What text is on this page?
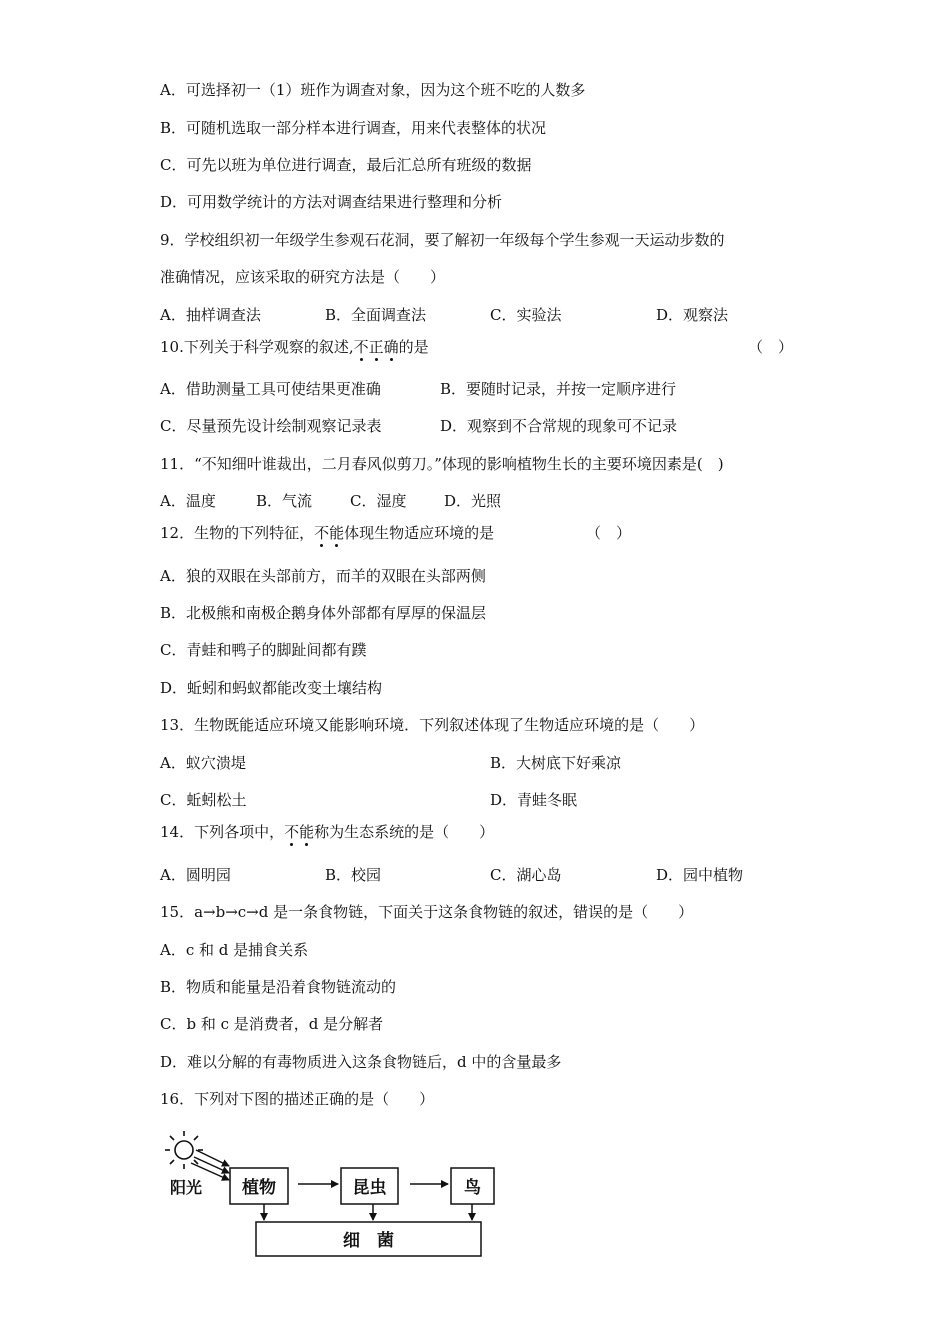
A．可选择初一（1）班作为调查对象，因为这个班不吃的人数多
B．可随机选取一部分样本进行调查，用来代表整体的状况
C．可先以班为单位进行调查，最后汇总所有班级的数据
D．可用数学统计的方法对调查结果进行整理和分析
9．学校组织初一年级学生参观石花洞，要了解初一年级每个学生参观一天运动步数的
准确情况，应该采取的研究方法是（　　）
A．抽样调查法	B．全面调查法	C．实验法	D．观察法
10.下列关于科学观察的叙述,不正确的是	（　）
A．借助测量工具可使结果更准确	B．要随时记录，并按一定顺序进行
C．尽量预先设计绘制观察记录表	D．观察到不合常规的现象可不记录
11．“不知细叶谁裁出，二月春风似剪刀。”体现的影响植物生长的主要环境因素是(　)
A．温度	B．气流	C．湿度	D．光照
12．生物的下列特征，不能体现生物适应环境的是	（　）
A．狼的双眼在头部前方，而羊的双眼在头部两侧
B．北极熊和南极企鹅身体外部都有厚厚的保温层
C．青蛙和鸭子的脚趾间都有蹼
D．蚯蚓和蚂蚁都能改变土壤结构
13．生物既能适应环境又能影响环境．下列叙述体现了生物适应环境的是（　　）
A．蚁穴溃堤	B．大树底下好乘凉
C．蚯蚓松土	D．青蛙冬眠
14．下列各项中，不能称为生态系统的是（　　）
A．圆明园	B．校园	C．湖心岛	D．园中植物
15．a→b→c→d 是一条食物链，下面关于这条食物链的叙述，错误的是（　　）
A．c 和 d 是捕食关系
B．物质和能量是沿着食物链流动的
C．b 和 c 是消费者，d 是分解者
D．难以分解的有毒物质进入这条食物链后，d 中的含量最多
16．下列对下图的描述正确的是（　　）
阳光 植物	昆虫	鸟
细　菌
